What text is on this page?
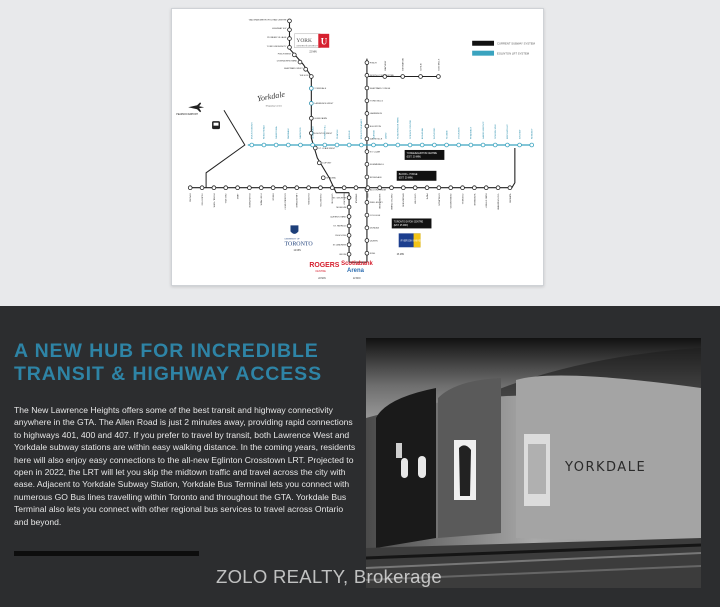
CURRENT SUBWAY SYSTEM
EGLINTON LRT SYSTEM
VAUGHAN METROPOLITAN CENTRE
HIGHWAY 407
PIONEER VILLAGE
YORK UNIVERSITY
FINCH WEST
DOWNSVIEW PARK
SHEPPARD WEST
WILSON
YORKDALE
LAWRENCE WEST
GLENCAIRN
EGLINTON WEST
ST. CLAIR WEST
DUPONT
SPADINA
ST. GEORGE
MUSEUM
QUEEN'S PARK
ST. PATRICK
OSGOODE
ST. ANDREW
UNION
FINCH
NORTH YORK CENTRE
SHEPPARD-YONGE
YORK MILLS
LAWRENCE
EGLINTON
DAVISVILLE
ST. CLAIR
SUMMERHILL
ROSEDALE
BLOOR-YONGE
WELLESLEY
COLLEGE
DUNDAS
QUEEN
KING
BAYVIEW	BESSARION	LESLIE	DON MILLS
MOUNT DENNIS	KEELESDALE	CALEDONIA	FAIRBANK	OAKWOOD	CEDARVALE	FOREST HILL	CHAPLIN	AVENUE	MOUNT PLEASANT	LEASIDE	LAIRD	SUNNYBROOK PARK	SCIENCE CENTRE	AGA KHAN	WYNFORD	SLOANE	O'CONNOR	PHARMACY	HAKIMI LEBOVIC	GOLDEN MILE	BIRCHMOUNT	IONVIEW	KENNEDY
KIPLING	ISLINGTON	ROYAL YORK	OLD MILL	JANE	RUNNYMEDE	HIGH PARK	KEELE	DUNDAS WEST	LANSDOWNE	DUFFERIN	OSSINGTON	CHRISTIE	BATHURST	SPADINA	BAY	SHERBOURNE	CASTLE FRANK	BROADVIEW	CHESTER	PAPE	DONLANDS	GREENWOOD	COXWELL	WOODBINE	MAIN STREET	VICTORIA PARK	WARDEN
YORK U
UNIVERSITÉ UNIVERSITY
22 MIN
Yorkdale
Shopping Centre
PEARSON AIRPORT
UNIVERSITY OF
TORONTO
12 MIN
RYERSON UNIVERSITY
26 MIN
YONGE/EGLINTON CENTRE
(EST. 20 MIN)
BLOOR + YONGE
(EST. 20 MIN)
TORONTO EATON CENTRE
(EST. 25 MIN)
ROGERS
CENTRE
22 MIN
Scotiabank
Arena
22 MIN
A NEW HUB FOR INCREDIBLE
TRANSIT & HIGHWAY ACCESS

The New Lawrence Heights offers some of the best transit and highway connectivity anywhere in the GTA. The Allen Road is just 2 minutes away, providing rapid connections to highways 401, 400 and 407. If you prefer to travel by transit, both Lawrence West and Yorkdale subway stations are within easy walking distance. In the coming years, residents here will also enjoy easy connections to the all-new Eglinton Crosstown LRT. Projected to open in 2022, the LRT will let you skip the midtown traffic and travel across the city with ease. Adjacent to Yorkdale Subway Station, Yorkdale Bus Terminal lets you connect with numerous GO Bus lines travelling within Toronto and throughout the GTA. Yorkdale Bus Terminal also lets you connect with other regional bus services to travel across Ontario and beyond.

YORKDALE
ZOLO REALTY, Brokerage
